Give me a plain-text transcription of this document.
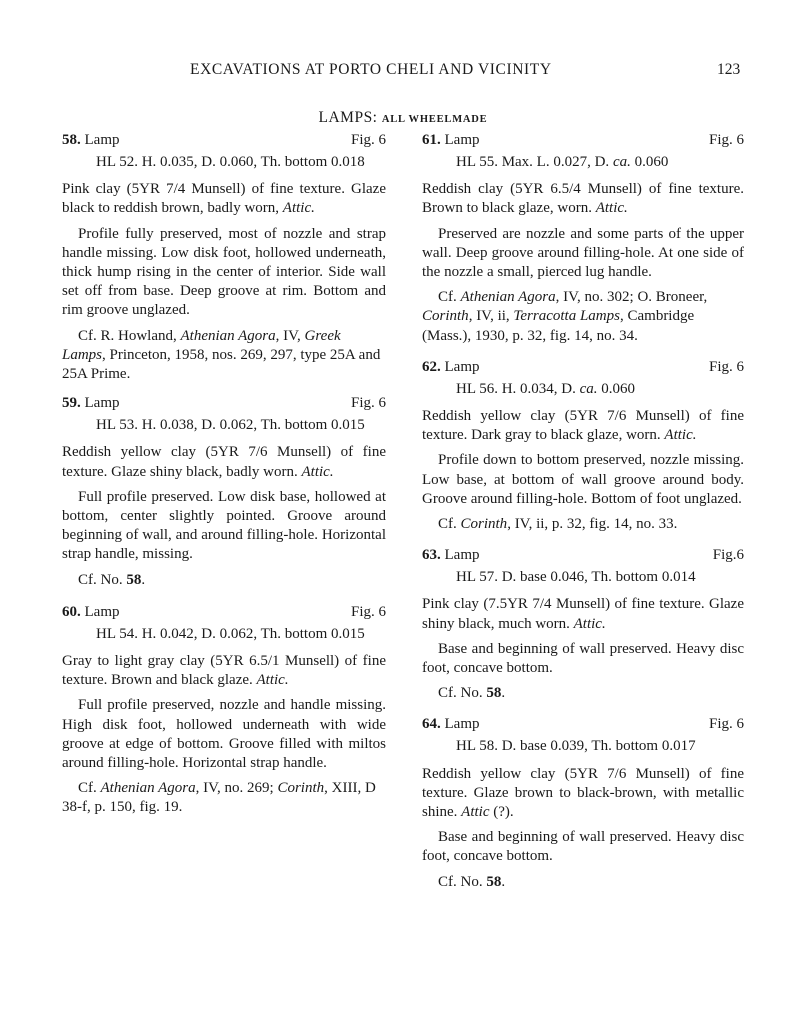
EXCAVATIONS AT PORTO CHELI AND VICINITY	123
LAMPS: ALL WHEELMADE
58. Lamp	Fig. 6

HL 52. H. 0.035, D. 0.060, Th. bottom 0.018

Pink clay (5YR 7/4 Munsell) of fine texture. Glaze black to reddish brown, badly worn, Attic.

Profile fully preserved, most of nozzle and strap handle missing. Low disk foot, hollowed underneath, thick hump rising in the center of interior. Side wall set off from base. Deep groove at rim. Bottom and rim groove unglazed.

Cf. R. Howland, Athenian Agora, IV, Greek Lamps, Princeton, 1958, nos. 269, 297, type 25A and 25A Prime.

59. Lamp	Fig. 6

HL 53. H. 0.038, D. 0.062, Th. bottom 0.015

Reddish yellow clay (5YR 7/6 Munsell) of fine texture. Glaze shiny black, badly worn. Attic.

Full profile preserved. Low disk base, hollowed at bottom, center slightly pointed. Groove around beginning of wall, and around filling-hole. Horizontal strap handle, missing.

Cf. No. 58.

60. Lamp	Fig. 6

HL 54. H. 0.042, D. 0.062, Th. bottom 0.015

Gray to light gray clay (5YR 6.5/1 Munsell) of fine texture. Brown and black glaze. Attic.

Full profile preserved, nozzle and handle missing. High disk foot, hollowed underneath with wide groove at edge of bottom. Groove filled with miltos around filling-hole. Horizontal strap handle.

Cf. Athenian Agora, IV, no. 269; Corinth, XIII, D 38-f, p. 150, fig. 19.

61. Lamp	Fig. 6

HL 55. Max. L. 0.027, D. ca. 0.060

Reddish clay (5YR 6.5/4 Munsell) of fine texture. Brown to black glaze, worn. Attic.

Preserved are nozzle and some parts of the upper wall. Deep groove around filling-hole. At one side of the nozzle a small, pierced lug handle.

Cf. Athenian Agora, IV, no. 302; O. Broneer, Corinth, IV, ii, Terracotta Lamps, Cambridge (Mass.), 1930, p. 32, fig. 14, no. 34.

62. Lamp	Fig. 6

HL 56. H. 0.034, D. ca. 0.060

Reddish yellow clay (5YR 7/6 Munsell) of fine texture. Dark gray to black glaze, worn. Attic.

Profile down to bottom preserved, nozzle missing. Low base, at bottom of wall groove around body. Groove around filling-hole. Bottom of foot unglazed.

Cf. Corinth, IV, ii, p. 32, fig. 14, no. 33.

63. Lamp	Fig.6

HL 57. D. base 0.046, Th. bottom 0.014

Pink clay (7.5YR 7/4 Munsell) of fine texture. Glaze shiny black, much worn. Attic.

Base and beginning of wall preserved. Heavy disc foot, concave bottom.

Cf. No. 58.

64. Lamp	Fig. 6

HL 58. D. base 0.039, Th. bottom 0.017

Reddish yellow clay (5YR 7/6 Munsell) of fine texture. Glaze brown to black-brown, with metallic shine. Attic (?).

Base and beginning of wall preserved. Heavy disc foot, concave bottom.

Cf. No. 58.
